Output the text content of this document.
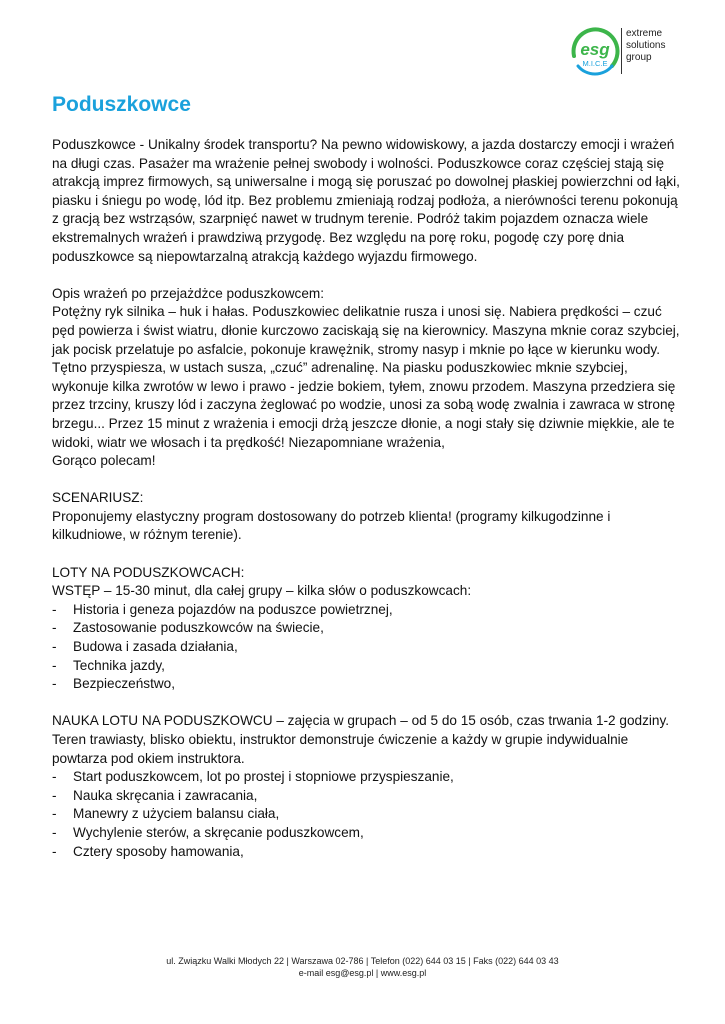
esg
M.I.C.E
extreme
solutions
group
Poduszkowce

Poduszkowce - Unikalny środek transportu? Na pewno widowiskowy, a jazda dostarczy emocji i wrażeń na długi czas. Pasażer ma wrażenie pełnej swobody i wolności. Poduszkowce coraz częściej stają się atrakcją imprez firmowych, są uniwersalne i mogą się poruszać po dowolnej płaskiej powierzchni od łąki, piasku i śniegu po wodę, lód itp. Bez problemu zmieniają rodzaj podłoża, a nierówności terenu pokonują z gracją bez wstrząsów, szarpnięć nawet w trudnym terenie. Podróż takim pojazdem oznacza wiele ekstremalnych wrażeń i prawdziwą przygodę. Bez względu na porę roku, pogodę czy porę dnia poduszkowce są niepowtarzalną atrakcją każdego wyjazdu firmowego.

Opis wrażeń po przejażdżce poduszkowcem:

Potężny ryk silnika – huk i hałas. Poduszkowiec delikatnie rusza i unosi się. Nabiera prędkości – czuć pęd powierza i świst wiatru, dłonie kurczowo zaciskają się na kierownicy. Maszyna mknie coraz szybciej, jak pocisk przelatuje po asfalcie, pokonuje krawężnik, stromy nasyp i mknie po łące w kierunku wody.

Tętno przyspiesza, w ustach susza, „czuć” adrenalinę. Na piasku poduszkowiec mknie szybciej, wykonuje kilka zwrotów w lewo i prawo - jedzie bokiem, tyłem, znowu przodem. Maszyna przedziera się przez trzciny, kruszy lód i zaczyna żeglować po wodzie, unosi za sobą wodę zwalnia i zawraca w stronę brzegu... Przez 15 minut z wrażenia i emocji drżą jeszcze dłonie, a nogi stały się dziwnie miękkie, ale te widoki, wiatr we włosach i ta prędkość! Niezapomniane wrażenia,

Gorąco polecam!

SCENARIUSZ:

Proponujemy elastyczny program dostosowany do potrzeb klienta! (programy kilkugodzinne i kilkudniowe, w różnym terenie).

LOTY NA PODUSZKOWCACH:

WSTĘP – 15-30 minut, dla całej grupy – kilka słów o poduszkowcach:

- Historia i geneza pojazdów na poduszce powietrznej,
- Zastosowanie poduszkowców na świecie,
- Budowa i zasada działania,
- Technika jazdy,
- Bezpieczeństwo,

NAUKA LOTU NA PODUSZKOWCU – zajęcia w grupach – od 5 do 15 osób, czas trwania 1-2 godziny.

Teren trawiasty, blisko obiektu, instruktor demonstruje ćwiczenie a każdy w grupie indywidualnie powtarza pod okiem instruktora.

- Start poduszkowcem, lot po prostej i stopniowe przyspieszanie,
- Nauka skręcania i zawracania,
- Manewry z użyciem balansu ciała,
- Wychylenie sterów, a skręcanie poduszkowcem,
- Cztery sposoby hamowania,
ul. Związku Walki Młodych 22 | Warszawa 02-786 | Telefon (022) 644 03 15 | Faks (022) 644 03 43
e-mail esg@esg.pl | www.esg.pl
